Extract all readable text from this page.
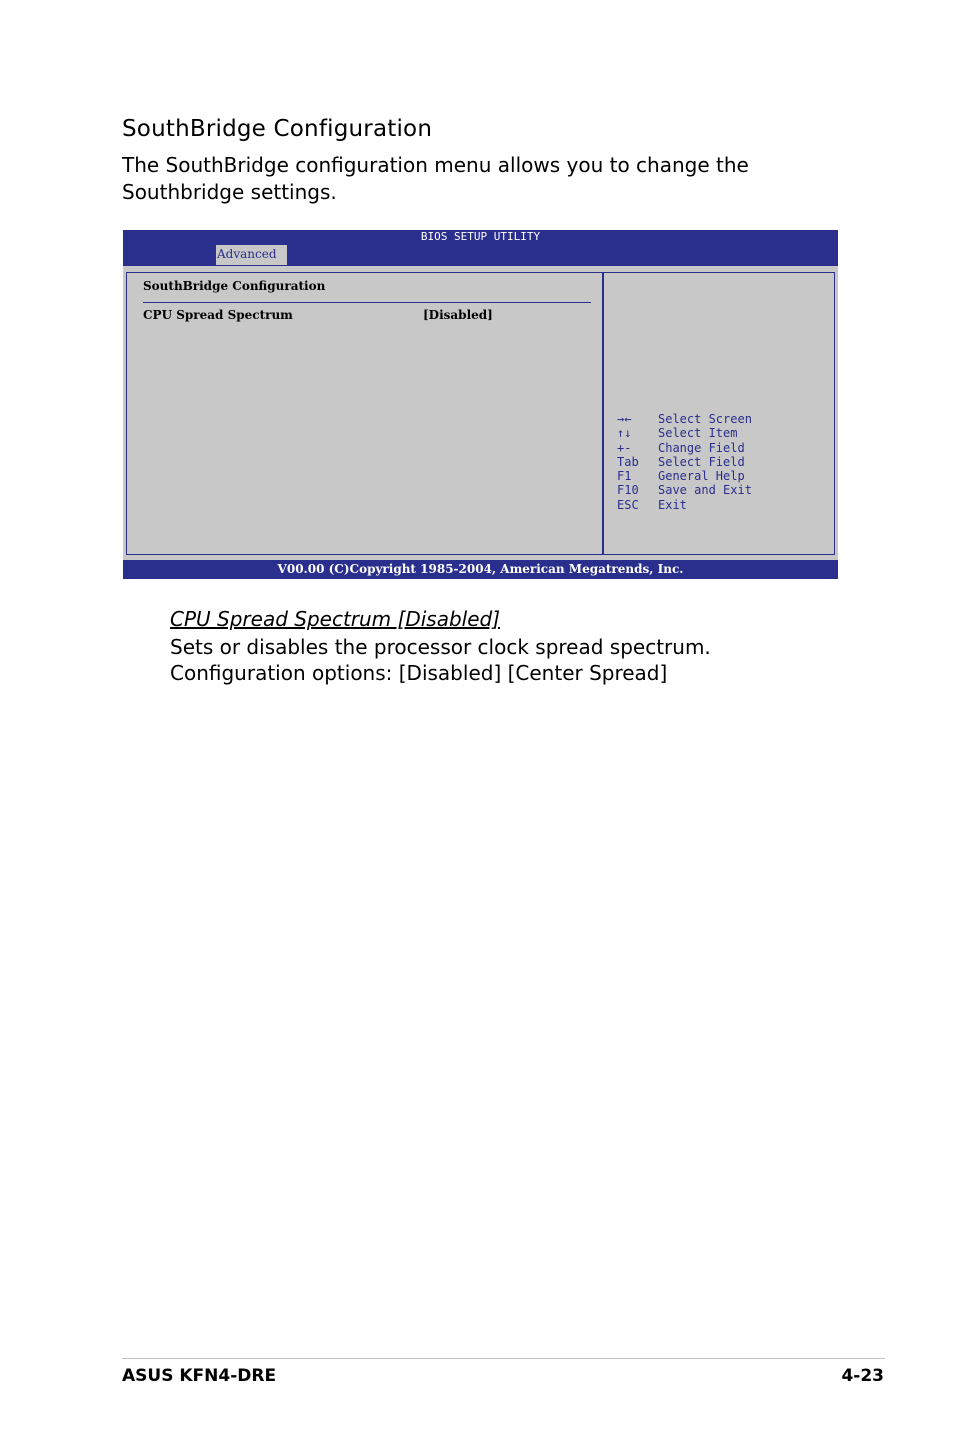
SouthBridge Configuration
The SouthBridge configuration menu allows you to change the Southbridge settings.
BIOS SETUP UTILITY
Advanced
SouthBridge Configuration
CPU Spread Spectrum	[Disabled]
→←	Select Screen
↑↓	Select Item
+-	Change Field
Tab	Select Field
F1	General Help
F10	Save and Exit
ESC	Exit
V00.00 (C)Copyright 1985-2004, American Megatrends, Inc.
CPU Spread Spectrum [Disabled]
Sets or disables the processor clock spread spectrum.
Configuration options: [Disabled] [Center Spread]
ASUS KFN4-DRE	4-23
